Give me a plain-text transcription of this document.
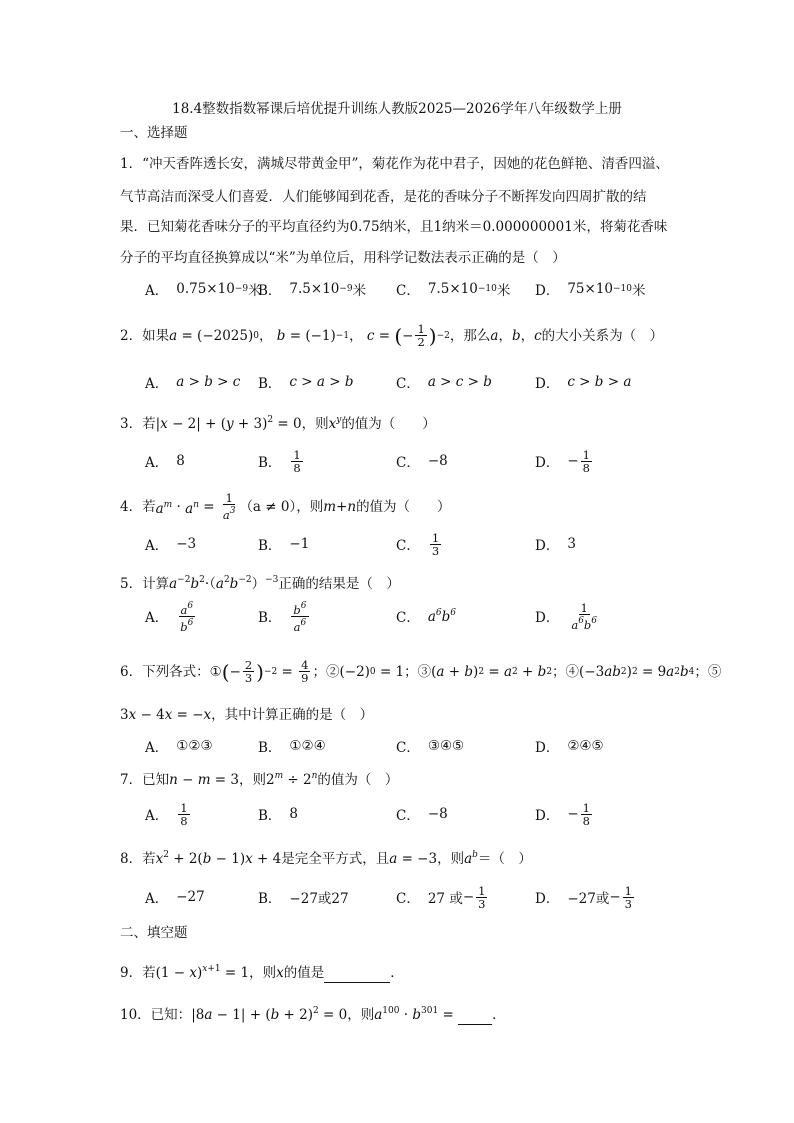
18.4整数指数幂课后培优提升训练人教版2025—2026学年八年级数学上册
一、选择题
1．“冲天香阵透长安，满城尽带黄金甲”，菊花作为花中君子，因她的花色鲜艳、清香四溢、
气节高洁而深受人们喜爱．人们能够闻到花香，是花的香味分子不断挥发向四周扩散的结
果．已知菊花香味分子的平均直径约为0.75纳米，且1纳米＝0.000000001米，将菊花香味
分子的平均直径换算成以“米”为单位后，用科学记数法表示正确的是（　）
A． 0.75×10 −9 米
B． 7.5×10 −9 米 C． 7.5×10 −10 米 D． 75×10 −10 米
2．如果 a = (−2025) 0 ， b = (−1) −1 ， c = ( − $\frac{1}{2}$ ) −2 ，那么 a ， b ， c 的大小关系为（　）
A． a > b > c B． c > a > b	C． a > c > b	D． c > b > a
3．若$|x - 2| + (y + 3)^2 = 0$，则$x^y$的值为（　　）
A． 8	B． $\frac{1}{8}$	C． −8	D． − $\frac{1}{8}$
4．若 $a^m \cdot a^n = \frac{1}{a^3} (a \ne 0)$，则 m + n 的值为（　　）
A． −3	B． −1	C． $\frac{1}{3}$	D． 3
5．计算$a^{-2}b^2\cdot(a^2b^{-2})^{-3}$正确的结果是（　）
A． $\frac{a^6}{b^6}$	B． $\frac{b^6}{a^6}$	C． $a^6b^6$	D． $\frac{1}{a^6b^6}$
6．下列各式： ① ( − $\frac{2}{3}$ ) $-2 = \frac{4}{9}$ ；②(−2) 0 = 1；③( a + b ) 2 = a 2 + b 2 ；④(−3 ab 2 ) 2 = 9 a 2 b 4 ；⑤
3x − 4x = −x，其中计算正确的是（　）
A． ①②③	B． ①②④	C． ③④⑤	D． ②④⑤
7．已知n − m = 3，则$2^m \div 2^n$的值为（　）
A． $\frac{1}{8}$	B． 8	C． −8	D． − $\frac{1}{8}$
8．若$x^2 + 2(b - 1)x + 4$是完全平方式，且a = −3，则$a^b=$（　）
A． −27	B． −27或27	C． 27 或 − $\frac{1}{3}$	D． −27或 − $\frac{1}{3}$
二、填空题
9．若$(1 - x)^{x+1} = 1$，则x的值是	．
10．已知：$|8a - 1| + (b + 2)^2 = 0$，则$a^{100} \cdot b^{301}$ =	．
